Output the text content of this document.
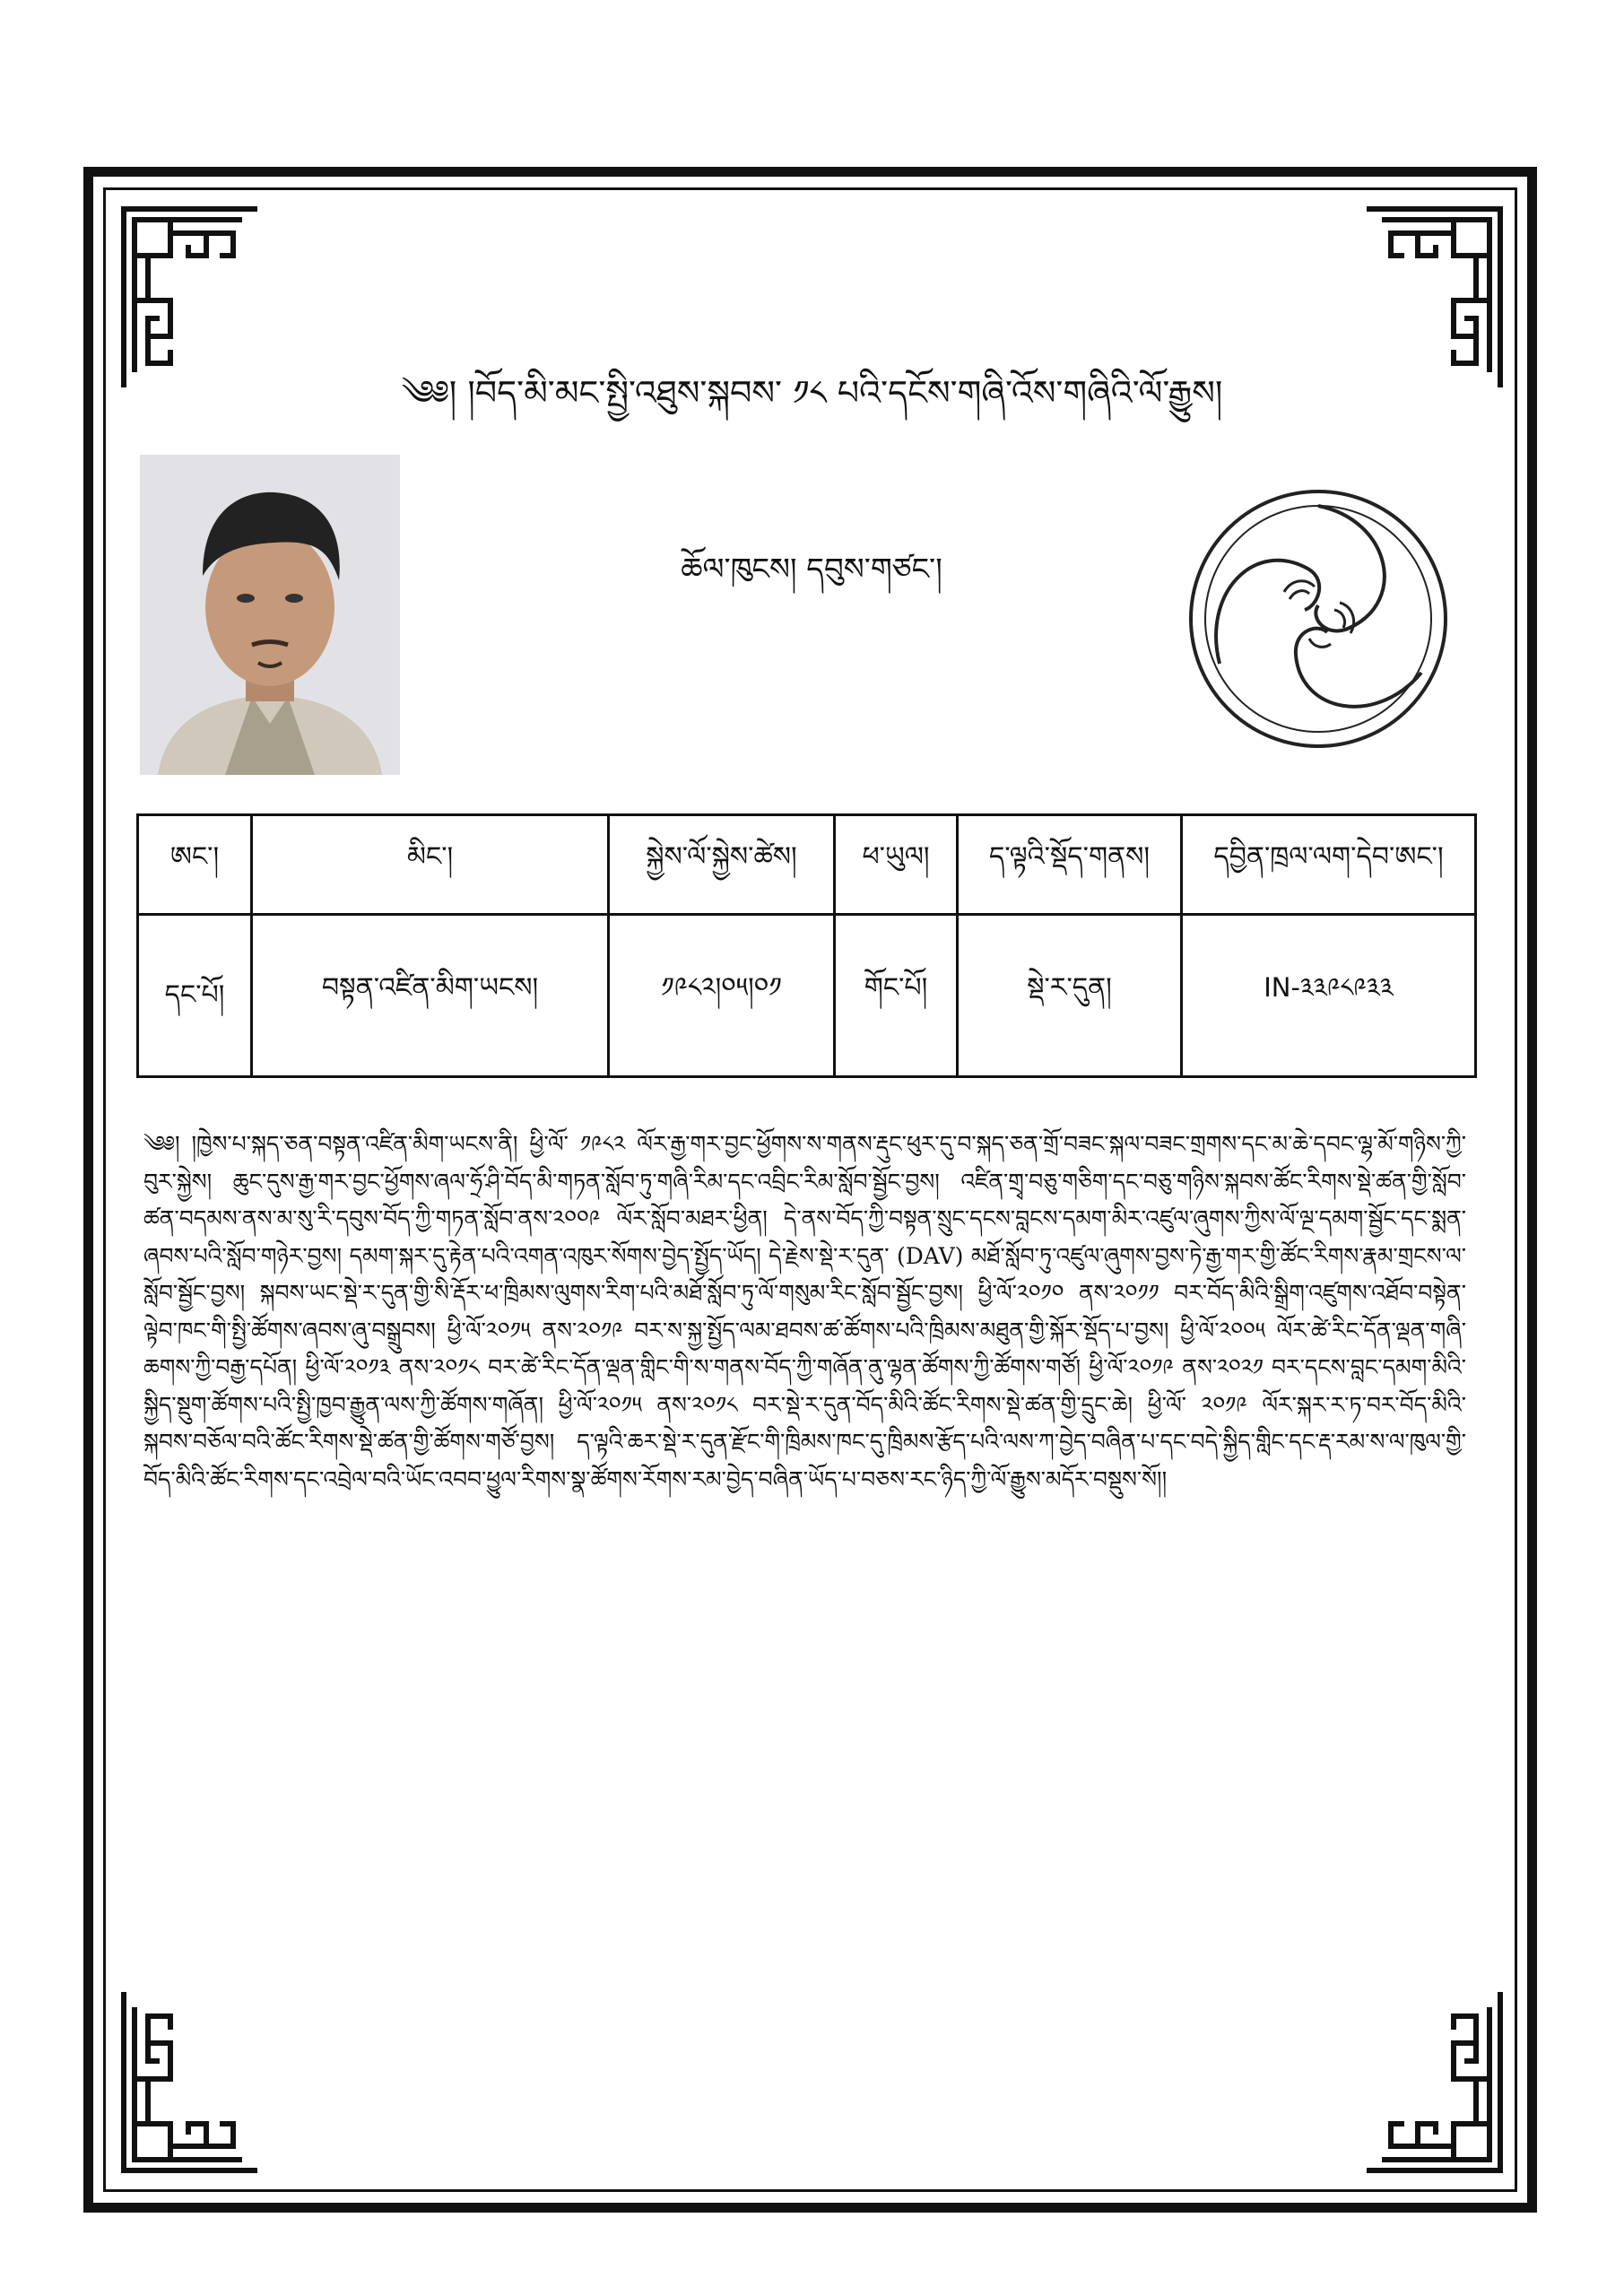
༄༅། །བོད་མི་མང་སྤྱི་འཐུས་སྐབས་ ༡༨ པའི་དངོས་གཞི་འོས་གཞིའི་ལོ་རྒྱུས།
ཆོལ་ཁུངས། དབུས་གཙང་།
ཨང་།	མིང་།	སྐྱེས་ལོ་སྐྱེས་ཚེས།	ཕ་ཡུལ།	ད་ལྟའི་སྡོད་གནས།	དབྱིན་ཁྲལ་ལག་དེབ་ཨང་།
དང་པོ།	བསྟན་འཛིན་མིག་ཡངས།	༡༩༨༢།༠༥།༠༡	གོང་པོ།	སྡེ་ར་དུན།	IN-༣༣༩༨༩༣༣

༄༅། །ཁྱེས་པ་སྐད་ཅན་བསྟན་འཛིན་མིག་ཡངས་ནི། ཕྱི་ལོ་ ༡༩༨༢ ལོར་རྒྱ་གར་བྱང་ཕྱོགས་ས་གནས་རྡུང་ཕུར་དུ་བ་སྐད་ཅན་གྲོ་བཟང་སྐལ་བཟང་གྲགས་དང་མ་ཆེ་དབང་ལྷ་མོ་གཉིས་ཀྱི་བུར་སྐྱེས། ཆུང་དུས་རྒྱ་གར་བྱང་ཕྱོགས་ཞལ་ཧྲོ་ཤི་བོད་མི་གཏན་སློབ་ཏུ་གཞི་རིམ་དང་འབྲིང་རིམ་སློབ་སྦྱོང་བྱས། འཛིན་གྲྭ་བཅུ་གཅིག་དང་བཅུ་གཉིས་སྐབས་ཚོང་རིགས་སྡེ་ཚན་གྱི་སློབ་ཚན་བདམས་ནས་མ་སུ་རི་དབུས་བོད་ཀྱི་གཏན་སློབ་ནས་༢༠༠༩ ལོར་སློབ་མཐར་ཕྱིན། དེ་ནས་བོད་ཀྱི་བསྟན་སྲུང་དངས་བླངས་དམག་མིར་འཛུལ་ཞུགས་ཀྱིས་ལོ་ལྔ་དམག་སྦྱོང་དང་སྨན་ཞབས་པའི་སློབ་གཉེར་བྱས། དམག་སྐར་དུ་རྟེན་པའི་འགན་འཁུར་སོགས་བྱེད་སྤྱོད་ཡོད། དེ་རྗེས་སྡེ་ར་དུན་ (DAV) མཐོ་སློབ་ཏུ་འཛུལ་ཞུགས་བྱས་ཏེ་རྒྱ་གར་གྱི་ཚོང་རིགས་རྣམ་གྲངས་ལ་སློབ་སྦྱོང་བྱས། སྐབས་ཡང་སྡེ་ར་དུན་གྱི་སི་རྡོར་ཕ་ཁྲིམས་ལུགས་རིག་པའི་མཐོ་སློབ་ཏུ་ལོ་གསུམ་རིང་སློབ་སྦྱོང་བྱས། ཕྱི་ལོ་༢༠༡༠ ནས་༢༠༡༡ བར་བོད་མིའི་སྒྲིག་འཛུགས་འཐོབ་བསྟེན་ལྟེབ་ཁང་གི་སྤྱི་ཚོགས་ཞབས་ཞུ་བསྒྲུབས། ཕྱི་ལོ་༢༠༡༥ ནས་༢༠༡༩ བར་ས་སྐྱ་སྤྱོད་ལམ་ཐབས་ཚ་ཚོགས་པའི་ཁྲིམས་མཐུན་གྱི་སྐོར་སྡོད་པ་བྱས། ཕྱི་ལོ་༢༠༠༥ ལོར་ཚེ་རིང་དོན་ལྡན་གཞི་ཆགས་ཀྱི་བརྒྱ་དཔོན། ཕྱི་ལོ་༢༠༡༣ ནས་༢༠༡༨ བར་ཚེ་རིང་དོན་ལྡན་གླིང་གི་ས་གནས་བོད་ཀྱི་གཞོན་ནུ་ལྷན་ཚོགས་ཀྱི་ཚོགས་གཙོ། ཕྱི་ལོ་༢༠༡༩ ནས་༢༠༢༡ བར་དངས་བླང་དམག་མིའི་སྐྱིད་སྡུག་ཚོགས་པའི་སྤྱི་ཁྱབ་རྒྱུན་ལས་ཀྱི་ཚོགས་གཞོན། ཕྱི་ལོ་༢༠༡༥ ནས་༢༠༡༨ བར་སྡེ་ར་དུན་བོད་མིའི་ཚོང་རིགས་སྡེ་ཚན་གྱི་དྲུང་ཆེ། ཕྱི་ལོ་ ༢༠༡༩ ལོར་སྐར་ར་ཏ་བར་བོད་མིའི་སྐབས་བཅོལ་བའི་ཚོང་རིགས་སྡེ་ཚན་གྱི་ཚོགས་གཙོ་བྱས། ད་ལྟའི་ཆར་སྡེ་ར་དུན་རྫོང་གི་ཁྲིམས་ཁང་དུ་ཁྲིམས་རྩོད་པའི་ལས་ཀ་བྱེད་བཞིན་པ་དང་བདེ་སྐྱིད་གླིང་དང་རྡ་རམ་ས་ལ་ཁུལ་གྱི་བོད་མིའི་ཚོང་རིགས་དང་འབྲེལ་བའི་ཡོང་འབབ་ཕྱུལ་རིགས་སྣ་ཚོགས་རོགས་རམ་བྱེད་བཞིན་ཡོད་པ་བཅས་རང་ཉིད་ཀྱི་ལོ་རྒྱུས་མདོར་བསྡུས་སོ།།
